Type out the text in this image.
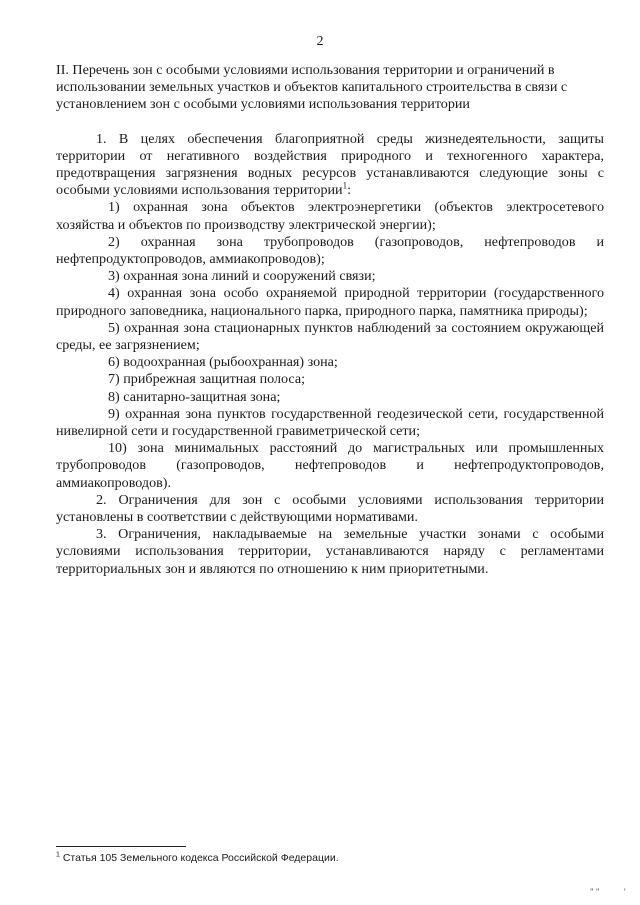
2

II. Перечень зон с особыми условиями использования территории и ограничений в использовании земельных участков и объектов капитального строительства в связи с установлением зон с особыми условиями использования территории

1. В целях обеспечения благоприятной среды жизнедеятельности, защиты территории от негативного воздействия природного и техногенного характера, предотвращения загрязнения водных ресурсов устанавливаются следующие зоны с особыми условиями использования территории$^1$:

1) охранная зона объектов электроэнергетики (объектов электросетевого хозяйства и объектов по производству электрической энергии);

2) охранная зона трубопроводов (газопроводов, нефтепроводов и нефтепродуктопроводов, аммиакопроводов);

3) охранная зона линий и сооружений связи;

4) охранная зона особо охраняемой природной территории (государственного природного заповедника, национального парка, природного парка, памятника природы);

5) охранная зона стационарных пунктов наблюдений за состоянием окружающей среды, ее загрязнением;

6) водоохранная (рыбоохранная) зона;

7) прибрежная защитная полоса;

8) санитарно-защитная зона;

9) охранная зона пунктов государственной геодезической сети, государственной нивелирной сети и государственной гравиметрической сети;

10) зона минимальных расстояний до магистральных или промышленных трубопроводов (газопроводов, нефтепроводов и нефтепродуктопроводов, аммиакопроводов).

2. Ограничения для зон с особыми условиями использования территории установлены в соответствии с действующими нормативами.

3. Ограничения, накладываемые на земельные участки зонами с особыми условиями использования территории, устанавливаются наряду с регламентами территориальных зон и являются по отношению к ним приоритетными.

$^1$ Статья 105 Земельного кодекса Российской Федерации.
" "	'
